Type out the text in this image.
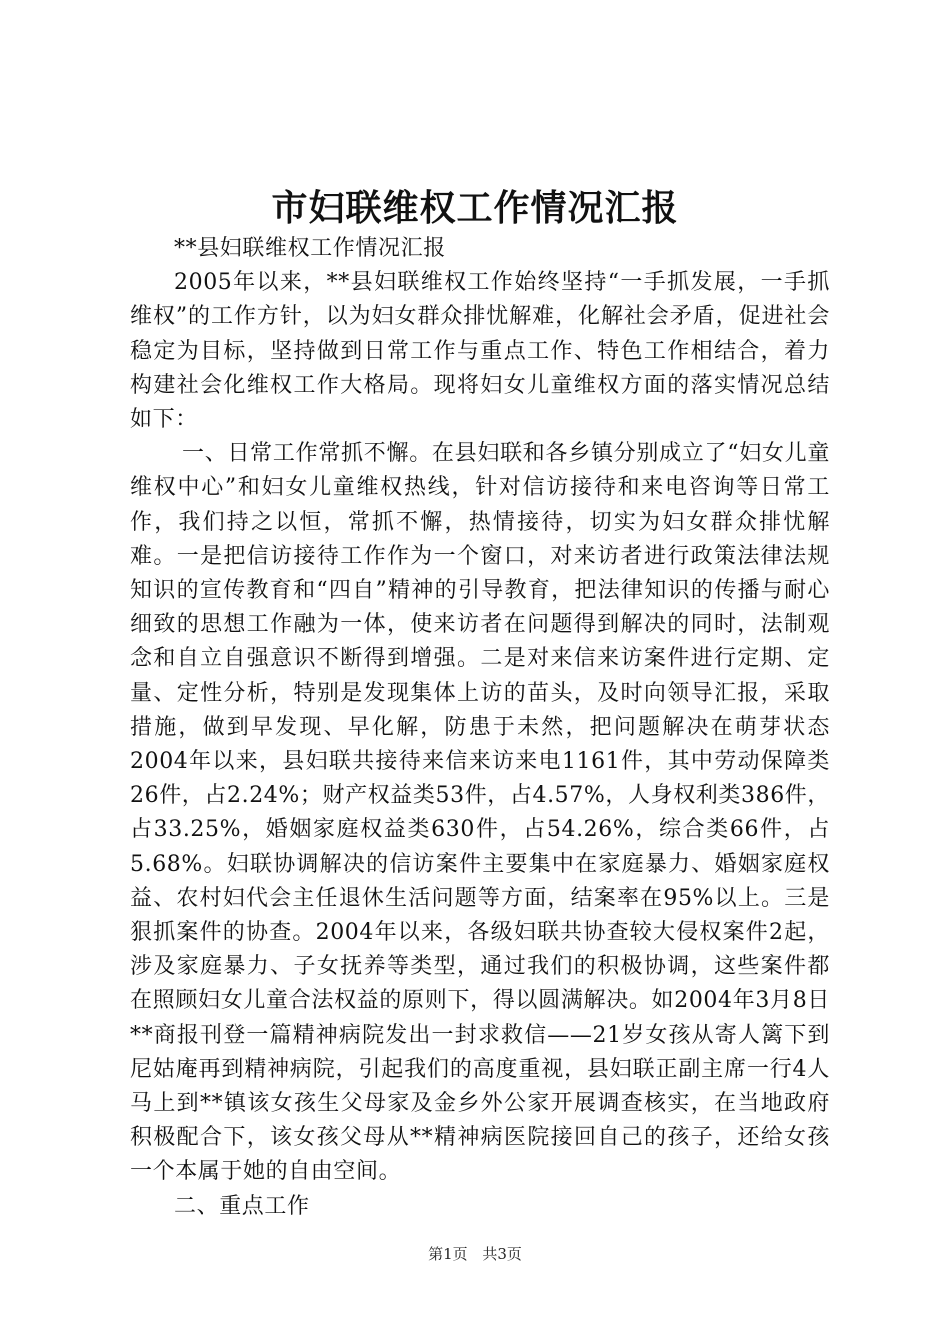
市妇联维权工作情况汇报

**县妇联维权工作情况汇报

2005年以来，**县妇联维权工作始终坚持“一手抓发展，一手抓维权”的工作方针，以为妇女群众排忧解难，化解社会矛盾，促进社会稳定为目标，坚持做到日常工作与重点工作、特色工作相结合，着力构建社会化维权工作大格局。现将妇女儿童维权方面的落实情况总结如下：

一、日常工作常抓不懈。在县妇联和各乡镇分别成立了“妇女儿童维权中心”和妇女儿童维权热线，针对信访接待和来电咨询等日常工作，我们持之以恒，常抓不懈，热情接待，切实为妇女群众排忧解难。一是把信访接待工作作为一个窗口，对来访者进行政策法律法规知识的宣传教育和“四自”精神的引导教育，把法律知识的传播与耐心细致的思想工作融为一体，使来访者在问题得到解决的同时，法制观念和自立自强意识不断得到增强。二是对来信来访案件进行定期、定量、定性分析，特别是发现集体上访的苗头，及时向领导汇报，采取措施，做到早发现、早化解，防患于未然，把问题解决在萌芽状态2004年以来，县妇联共接待来信来访来电1161件，其中劳动保障类26件，占2.24%；财产权益类53件，占4.57%，人身权利类386件，占33.25%，婚姻家庭权益类630件，占54.26%，综合类66件，占5.68%。妇联协调解决的信访案件主要集中在家庭暴力、婚姻家庭权益、农村妇代会主任退休生活问题等方面，结案率在95%以上。三是狠抓案件的协查。2004年以来，各级妇联共协查较大侵权案件2起，涉及家庭暴力、子女抚养等类型，通过我们的积极协调，这些案件都在照顾妇女儿童合法权益的原则下，得以圆满解决。如2004年3月8日**商报刊登一篇精神病院发出一封求救信——21岁女孩从寄人篱下到尼姑庵再到精神病院，引起我们的高度重视，县妇联正副主席一行4人马上到**镇该女孩生父母家及金乡外公家开展调查核实，在当地政府积极配合下，该女孩父母从**精神病医院接回自己的孩子，还给女孩一个本属于她的自由空间。

二、重点工作

第1页 共3页
